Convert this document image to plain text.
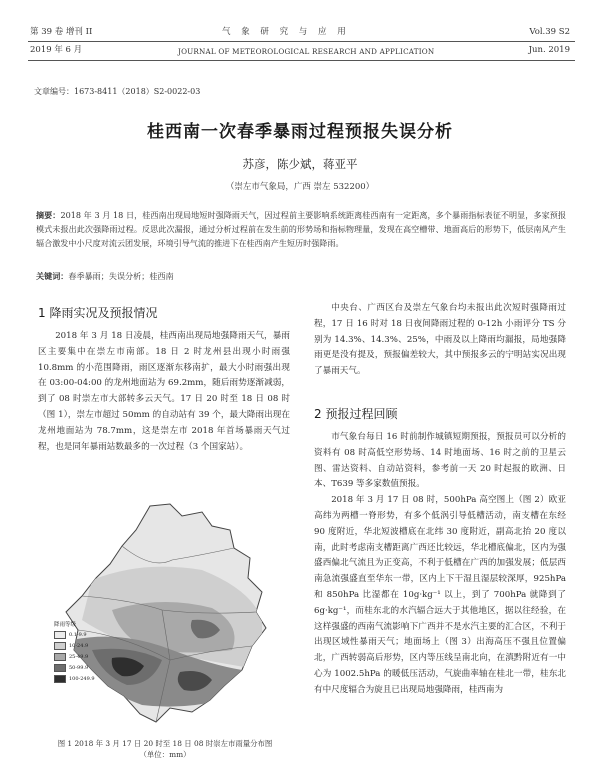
第 39 卷 增刊 II
2019 年 6 月
气 象 研 究 与 应 用
JOURNAL OF METEOROLOGICAL RESEARCH AND APPLICATION
Vol.39 S2
Jun. 2019
文章编号：1673-8411（2018）S2-0022-03
桂西南一次春季暴雨过程预报失误分析
苏彦，陈少斌，蒋亚平
（崇左市气象局，广西 崇左 532200）
摘要：2018 年 3 月 18 日，桂西南出现局地短时强降雨天气，因过程前主要影响系统距离桂西南有一定距离，多个暴雨指标表征不明显，多家预报模式未报出此次强降雨过程。反思此次漏报，通过分析过程前在发生前的形势场和指标物理量，发现在高空槽带、地面高后的形势下，低层南风产生辐合激发中小尺度对流云团发展，环境引导气流的推进下在桂西南产生短历时强降雨。
关键词：春季暴雨；失误分析；桂西南
1 降雨实况及预报情况

2018 年 3 月 18 日凌晨，桂西南出现局地强降雨天气，暴雨区主要集中在崇左市南部。18 日 2 时龙州县出现小时雨强 10.8mm 的小范围降雨，雨区逐渐东移南扩，最大小时雨强出现在 03:00-04:00 的龙州地面站为 69.2mm，随后雨势逐渐减弱，到了 08 时崇左市大部转多云天气。17 日 20 时至 18 日 08 时（图 1），崇左市超过 50mm 的自动站有 39 个，最大降雨出现在龙州地面站为 78.7mm，这是崇左市 2018 年首场暴雨天气过程，也是同年暴雨站数最多的一次过程（3 个国家站）。

降雨等级
0.1-9.9
10-24.9
25-49.9
50-99.9
100-249.9
图 1 2018 年 3 月 17 日 20 时至 18 日 08 时崇左市雨量分布图
（单位：mm）

中央台、广西区台及崇左气象台均未报出此次短时强降雨过程，17 日 16 时对 18 日夜间降雨过程的 0-12h 小雨评分 TS 分别为 14.3%、14.3%、25%，中雨及以上降雨均漏报，局地强降雨更是没有提及，预报偏差较大，其中预报多云的宁明站实况出现了暴雨天气。

2 预报过程回顾

市气象台每日 16 时前制作城镇短期预报，预报员可以分析的资料有 08 时高低空形势场、14 时地面场、16 时之前的卫星云图、雷达资料、自动站资料，参考前一天 20 时起报的欧洲、日本、T639 等多家数值预报。

2018 年 3 月 17 日 08 时，500hPa 高空图上（图 2）欧亚高纬为两槽一脊形势，有多个低涡引导低槽活动，南支槽在东经 90 度附近，华北短波槽底在北纬 30 度附近，副高北抬 20 度以南，此时考虑南支槽距离广西还比较远，华北槽底偏北，区内为强盛西偏北气流且为正变高，不利于低槽在广西的加强发展；低层西南急流强盛直至华东一带，区内上下干湿且湿层较深厚，925hPa 和 850hPa 比湿都在 10g·kg⁻¹ 以上，到了 700hPa 就降到了 6g·kg⁻¹，而桂东北的水汽辐合远大于其他地区，据以往经验，在这样强盛的西南气流影响下广西并不是水汽主要的汇合区，不利于出现区域性暴雨天气；地面场上（图 3）出海高压不强且位置偏北，广西转弱高后形势，区内等压线呈南北向，在滇黔附近有一中心为 1002.5hPa 的暖低压活动，气旋曲率轴在桂北一带，桂东北有中尺度辐合为旋且已出现局地强降雨，桂西南为
